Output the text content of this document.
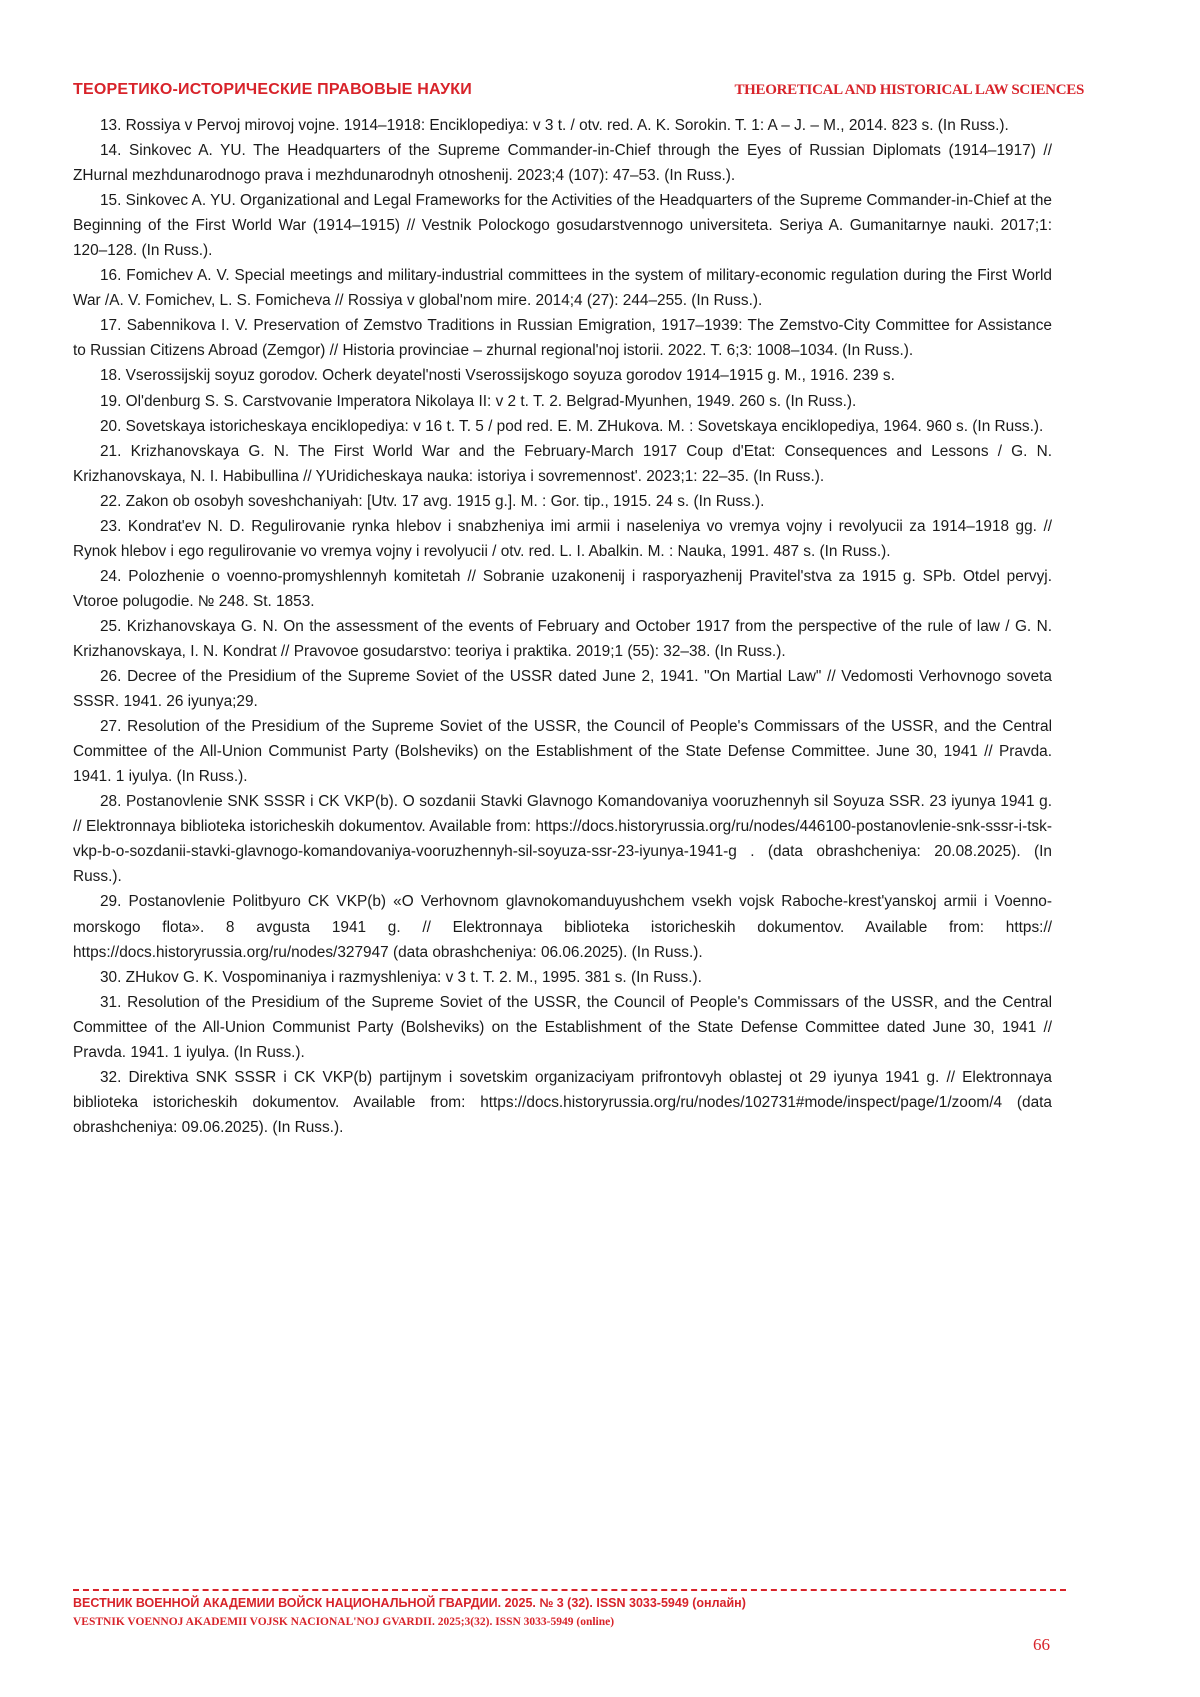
ТЕОРЕТИКО-ИСТОРИЧЕСКИЕ ПРАВОВЫЕ НАУКИ	THEORETICAL AND HISTORICAL LAW SCIENCES

13. Rossiya v Pervoj mirovoj vojne. 1914–1918: Enciklopediya: v 3 t. / otv. red. A. K. Sorokin. T. 1: A – J. – M., 2014. 823 s. (In Russ.).

14. Sinkovec A. YU. The Headquarters of the Supreme Commander-in-Chief through the Eyes of Russian Diplomats (1914–1917) // ZHurnal mezhdunarodnogo prava i mezhdunarodnyh otnoshenij. 2023;4 (107): 47–53. (In Russ.).

15. Sinkovec A. YU. Organizational and Legal Frameworks for the Activities of the Headquarters of the Supreme Commander-in-Chief at the Beginning of the First World War (1914–1915) // Vestnik Polockogo gosudarstvennogo universiteta. Seriya A. Gumanitarnye nauki. 2017;1: 120–128. (In Russ.).

16. Fomichev A. V. Special meetings and military-industrial committees in the system of military-economic regulation during the First World War /A. V. Fomichev, L. S. Fomicheva // Rossiya v global'nom mire. 2014;4 (27): 244–255. (In Russ.).

17. Sabennikova I. V. Preservation of Zemstvo Traditions in Russian Emigration, 1917–1939: The Zemstvo-City Committee for Assistance to Russian Citizens Abroad (Zemgor) // Historia provinciae – zhurnal regional'noj istorii. 2022. T. 6;3: 1008–1034. (In Russ.).

18. Vserossijskij soyuz gorodov. Ocherk deyatel'nosti Vserossijskogo soyuza gorodov 1914–1915 g. M., 1916. 239 s.

19. Ol'denburg S. S. Carstvovanie Imperatora Nikolaya II: v 2 t. T. 2. Belgrad-Myunhen, 1949. 260 s. (In Russ.).

20. Sovetskaya istoricheskaya enciklopediya: v 16 t. T. 5 / pod red. E. M. ZHukova. M. : Sovetskaya enciklopediya, 1964. 960 s. (In Russ.).

21. Krizhanovskaya G. N. The First World War and the February-March 1917 Coup d'Etat: Consequences and Lessons / G. N. Krizhanovskaya, N. I. Habibullina // YUridicheskaya nauka: istoriya i sovremennost'. 2023;1: 22–35. (In Russ.).

22. Zakon ob osobyh soveshchaniyah: [Utv. 17 avg. 1915 g.]. M. : Gor. tip., 1915. 24 s. (In Russ.).

23. Kondrat'ev N. D. Regulirovanie rynka hlebov i snabzheniya imi armii i naseleniya vo vremya vojny i revolyucii za 1914–1918 gg. // Rynok hlebov i ego regulirovanie vo vremya vojny i revolyucii / otv. red. L. I. Abalkin. M. : Nauka, 1991. 487 s. (In Russ.).

24. Polozhenie o voenno-promyshlennyh komitetah // Sobranie uzakonenij i rasporyazhenij Pravitel'stva za 1915 g. SPb. Otdel pervyj. Vtoroe polugodie. № 248. St. 1853.

25. Krizhanovskaya G. N. On the assessment of the events of February and October 1917 from the perspective of the rule of law / G. N. Krizhanovskaya, I. N. Kondrat // Pravovoe gosudarstvo: teoriya i praktika. 2019;1 (55): 32–38. (In Russ.).

26. Decree of the Presidium of the Supreme Soviet of the USSR dated June 2, 1941. "On Martial Law" // Vedomosti Verhovnogo soveta SSSR. 1941. 26 iyunya;29.

27. Resolution of the Presidium of the Supreme Soviet of the USSR, the Council of People's Commissars of the USSR, and the Central Committee of the All-Union Communist Party (Bolsheviks) on the Establishment of the State Defense Committee. June 30, 1941 // Pravda. 1941. 1 iyulya. (In Russ.).

28. Postanovlenie SNK SSSR i CK VKP(b). O sozdanii Stavki Glavnogo Komandovaniya vooruzhennyh sil Soyuza SSR. 23 iyunya 1941 g. // Elektronnaya biblioteka istoricheskih dokumentov. Available from: https://docs.historyrussia.org/ru/nodes/446100-postanovlenie-snk-sssr-i-tsk-vkp-b-o-sozdanii-stavki-glavnogo-komandovaniya-vooruzhennyh-sil-soyuza-ssr-23-iyunya-1941-g . (data obrashcheniya: 20.08.2025). (In Russ.).

29. Postanovlenie Politbyuro CK VKP(b) «O Verhovnom glavnokomanduyushchem vsekh vojsk Raboche-krest'yanskoj armii i Voenno-morskogo flota». 8 avgusta 1941 g. // Elektronnaya biblioteka istoricheskih dokumentov. Available from: https:// https://docs.historyrussia.org/ru/nodes/327947 (data obrashcheniya: 06.06.2025). (In Russ.).

30. ZHukov G. K. Vospominaniya i razmyshleniya: v 3 t. T. 2. M., 1995. 381 s. (In Russ.).

31. Resolution of the Presidium of the Supreme Soviet of the USSR, the Council of People's Commissars of the USSR, and the Central Committee of the All-Union Communist Party (Bolsheviks) on the Establishment of the State Defense Committee dated June 30, 1941 // Pravda. 1941. 1 iyulya. (In Russ.).

32. Direktiva SNK SSSR i CK VKP(b) partijnym i sovetskim organizaciyam prifrontovyh oblastej ot 29 iyunya 1941 g. // Elektronnaya biblioteka istoricheskih dokumentov. Available from: https://docs.historyrussia.org/ru/nodes/102731#mode/inspect/page/1/zoom/4 (data obrashcheniya: 09.06.2025). (In Russ.).

ВЕСТНИК ВОЕННОЙ АКАДЕМИИ ВОЙСК НАЦИОНАЛЬНОЙ ГВАРДИИ. 2025. № 3 (32). ISSN 3033-5949 (онлайн)
VESTNIK VOENNOJ AKADEMII VOJSK NACIONAL'NOJ GVARDII. 2025;3(32). ISSN 3033-5949 (online)
66
